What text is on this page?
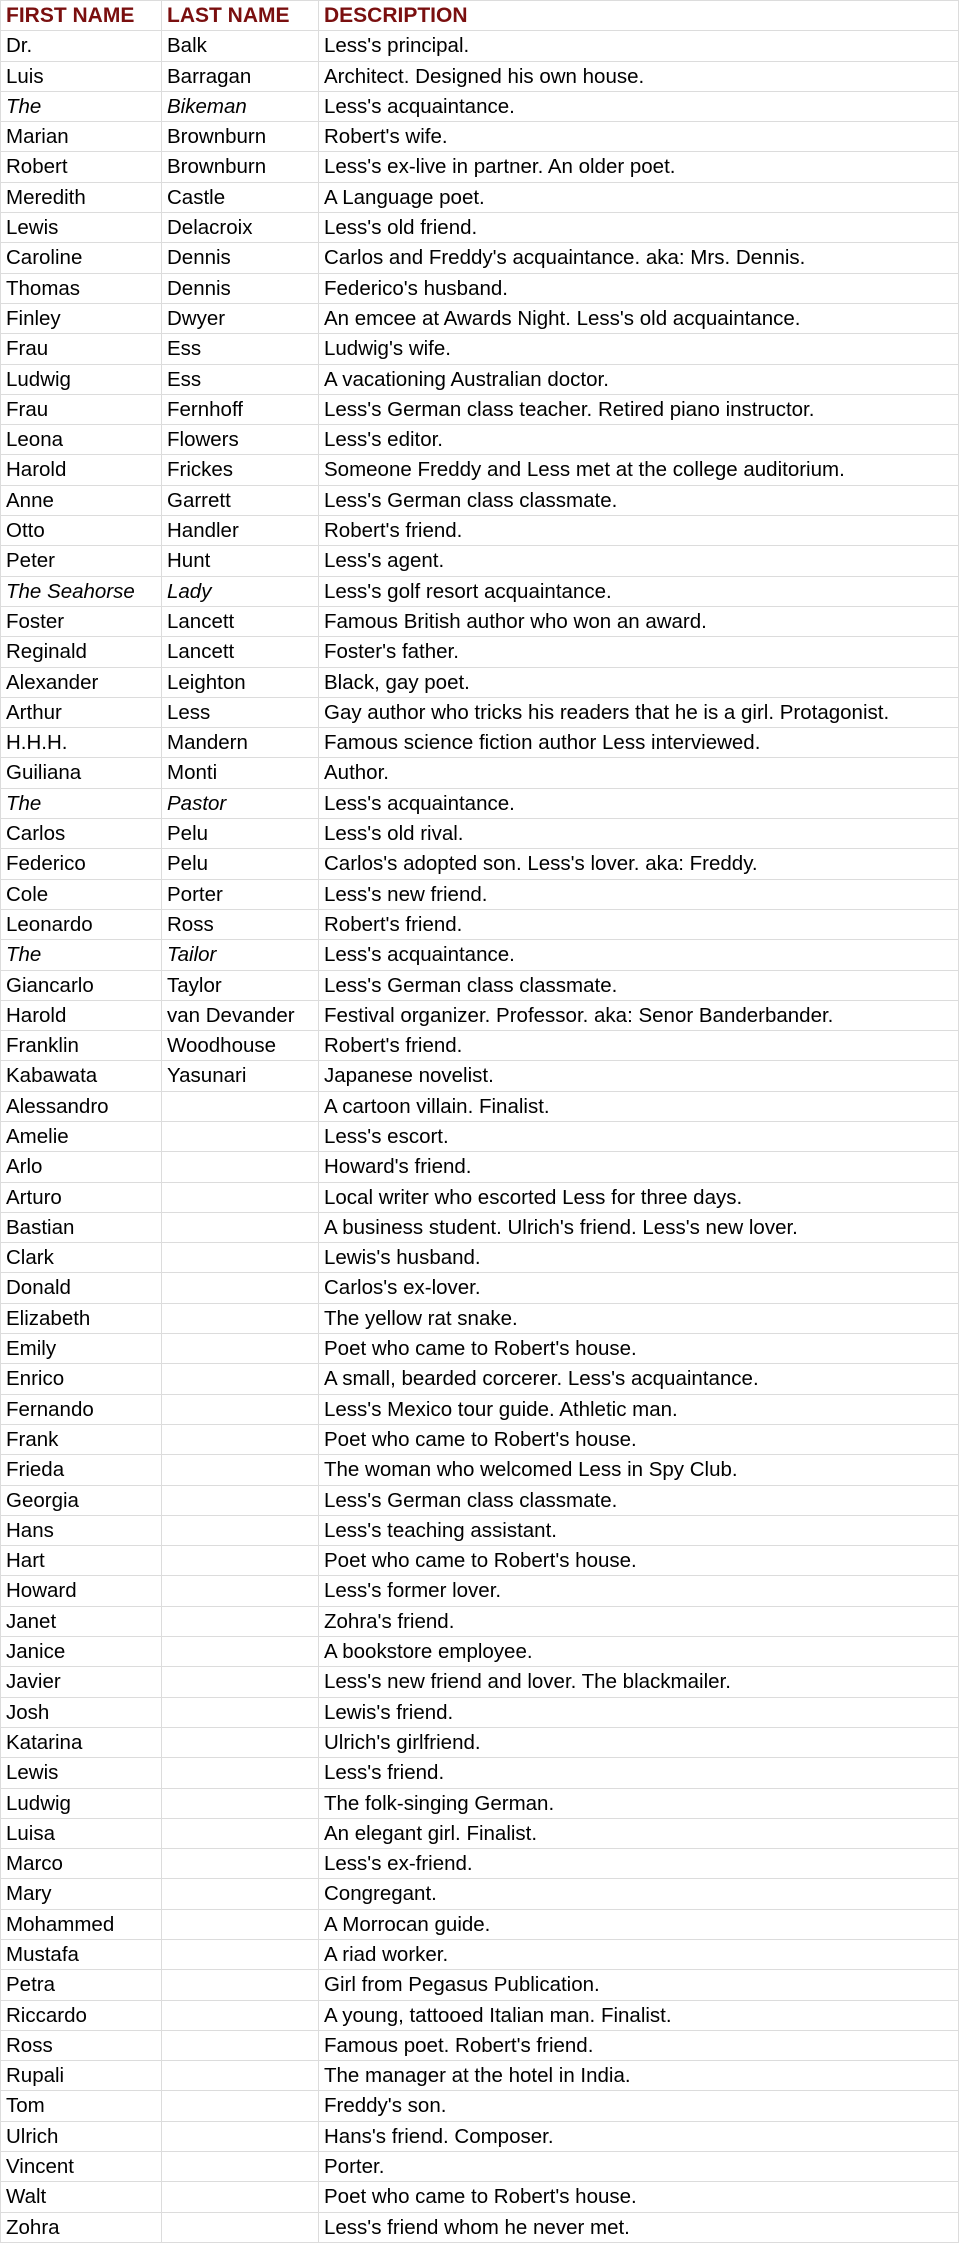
FIRST NAME	LAST NAME	DESCRIPTION
Dr.	Balk	Less's principal.
Luis	Barragan	Architect. Designed his own house.
The	Bikeman	Less's acquaintance.
Marian	Brownburn	Robert's wife.
Robert	Brownburn	Less's ex-live in partner. An older poet.
Meredith	Castle	A Language poet.
Lewis	Delacroix	Less's old friend.
Caroline	Dennis	Carlos and Freddy's acquaintance. aka: Mrs. Dennis.
Thomas	Dennis	Federico's husband.
Finley	Dwyer	An emcee at Awards Night. Less's old acquaintance.
Frau	Ess	Ludwig's wife.
Ludwig	Ess	A vacationing Australian doctor.
Frau	Fernhoff	Less's German class teacher. Retired piano instructor.
Leona	Flowers	Less's editor.
Harold	Frickes	Someone Freddy and Less met at the college auditorium.
Anne	Garrett	Less's German class classmate.
Otto	Handler	Robert's friend.
Peter	Hunt	Less's agent.
The Seahorse	Lady	Less's golf resort acquaintance.
Foster	Lancett	Famous British author who won an award.
Reginald	Lancett	Foster's father.
Alexander	Leighton	Black, gay poet.
Arthur	Less	Gay author who tricks his readers that he is a girl. Protagonist.
H.H.H.	Mandern	Famous science fiction author Less interviewed.
Guiliana	Monti	Author.
The	Pastor	Less's acquaintance.
Carlos	Pelu	Less's old rival.
Federico	Pelu	Carlos's adopted son. Less's lover. aka: Freddy.
Cole	Porter	Less's new friend.
Leonardo	Ross	Robert's friend.
The	Tailor	Less's acquaintance.
Giancarlo	Taylor	Less's German class classmate.
Harold	van Devander	Festival organizer. Professor. aka: Senor Banderbander.
Franklin	Woodhouse	Robert's friend.
Kabawata	Yasunari	Japanese novelist.
Alessandro		A cartoon villain. Finalist.
Amelie		Less's escort.
Arlo		Howard's friend.
Arturo		Local writer who escorted Less for three days.
Bastian		A business student. Ulrich's friend. Less's new lover.
Clark		Lewis's husband.
Donald		Carlos's ex-lover.
Elizabeth		The yellow rat snake.
Emily		Poet who came to Robert's house.
Enrico		A small, bearded corcerer. Less's acquaintance.
Fernando		Less's Mexico tour guide. Athletic man.
Frank		Poet who came to Robert's house.
Frieda		The woman who welcomed Less in Spy Club.
Georgia		Less's German class classmate.
Hans		Less's teaching assistant.
Hart		Poet who came to Robert's house.
Howard		Less's former lover.
Janet		Zohra's friend.
Janice		A bookstore employee.
Javier		Less's new friend and lover. The blackmailer.
Josh		Lewis's friend.
Katarina		Ulrich's girlfriend.
Lewis		Less's friend.
Ludwig		The folk-singing German.
Luisa		An elegant girl. Finalist.
Marco		Less's ex-friend.
Mary		Congregant.
Mohammed		A Morrocan guide.
Mustafa		A riad worker.
Petra		Girl from Pegasus Publication.
Riccardo		A young, tattooed Italian man. Finalist.
Ross		Famous poet. Robert's friend.
Rupali		The manager at the hotel in India.
Tom		Freddy's son.
Ulrich		Hans's friend. Composer.
Vincent		Porter.
Walt		Poet who came to Robert's house.
Zohra		Less's friend whom he never met.
